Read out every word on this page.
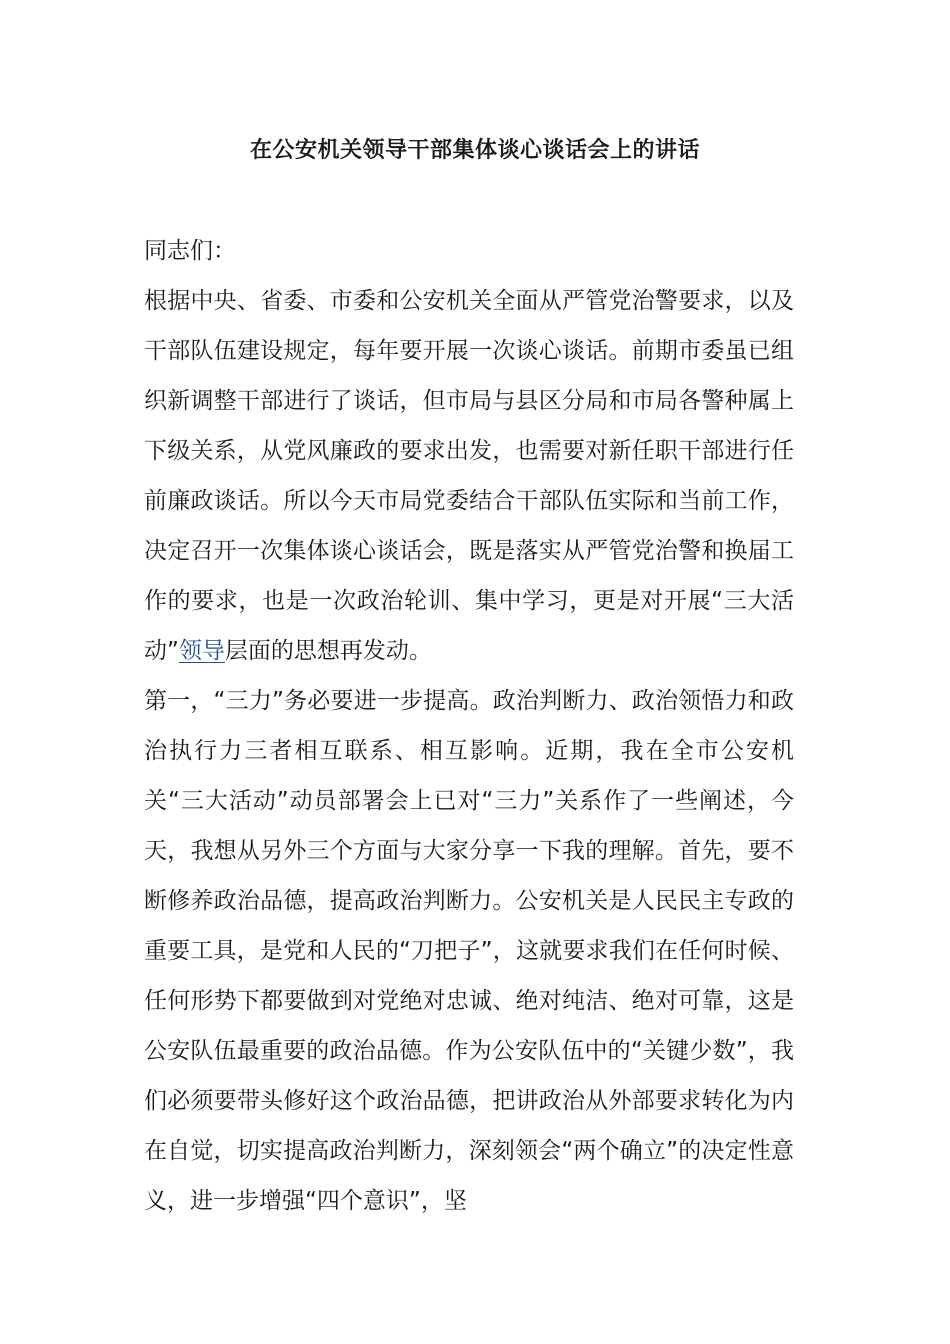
在公安机关领导干部集体谈心谈话会上的讲话

同志们：

根据中央、省委、市委和公安机关全面从严管党治警要求，以及干部队伍建设规定，每年要开展一次谈心谈话。前期市委虽已组织新调整干部进行了谈话，但市局与县区分局和市局各警种属上下级关系，从党风廉政的要求出发，也需要对新任职干部进行任前廉政谈话。所以今天市局党委结合干部队伍实际和当前工作，决定召开一次集体谈心谈话会，既是落实从严管党治警和换届工作的要求，也是一次政治轮训、集中学习，更是对开展“三大活动”领导层面的思想再发动。

第一，“三力”务必要进一步提高。政治判断力、政治领悟力和政治执行力三者相互联系、相互影响。近期，我在全市公安机关“三大活动”动员部署会上已对“三力”关系作了一些阐述，今天，我想从另外三个方面与大家分享一下我的理解。首先，要不断修养政治品德，提高政治判断力。公安机关是人民民主专政的重要工具，是党和人民的“刀把子”，这就要求我们在任何时候、任何形势下都要做到对党绝对忠诚、绝对纯洁、绝对可靠，这是公安队伍最重要的政治品德。作为公安队伍中的“关键少数”，我们必须要带头修好这个政治品德，把讲政治从外部要求转化为内在自觉，切实提高政治判断力，深刻领会“两个确立”的决定性意义，进一步增强“四个意识”，坚
